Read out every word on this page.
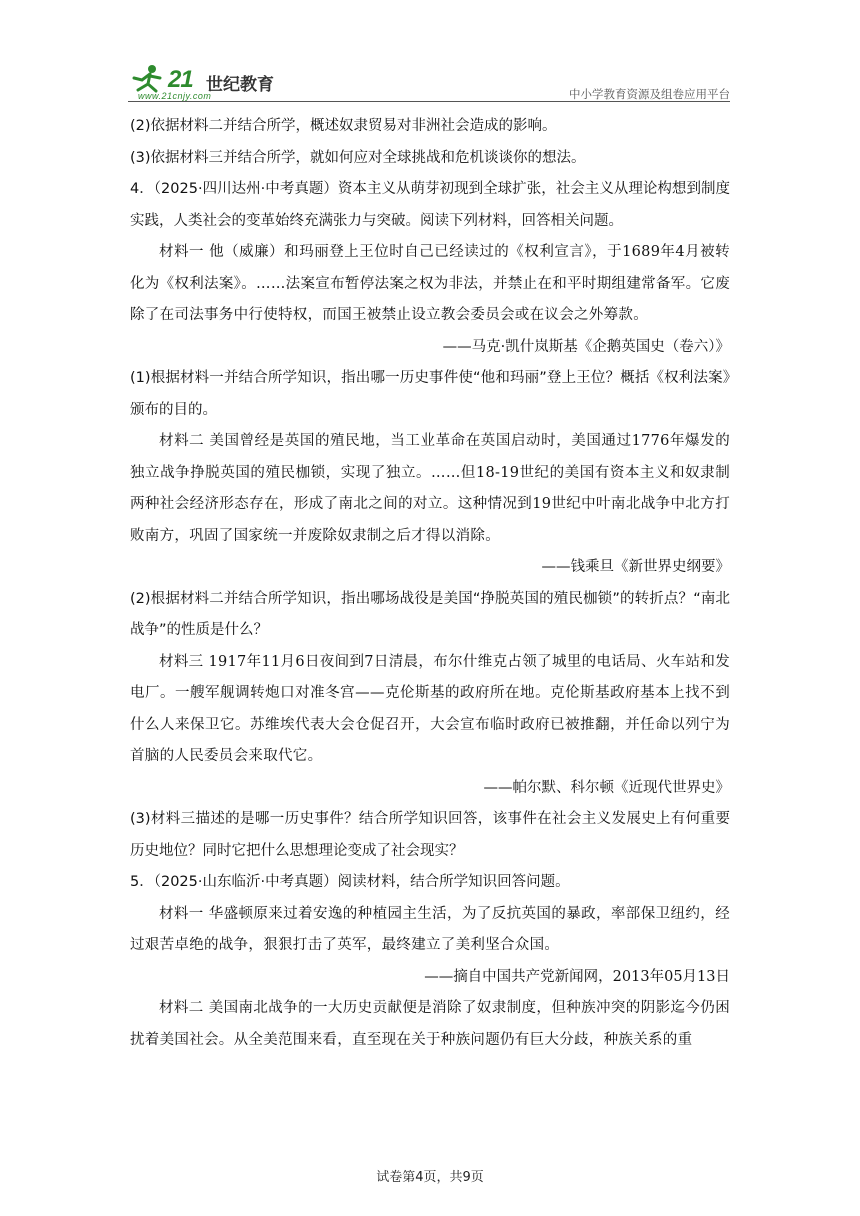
21 世纪教育
www.21cnjy.com	中小学教育资源及组卷应用平台

(2)依据材料二并结合所学，概述奴隶贸易对非洲社会造成的影响。

(3)依据材料三并结合所学，就如何应对全球挑战和危机谈谈你的想法。

4．（2025·四川达州·中考真题）资本主义从萌芽初现到全球扩张，社会主义从理论构想到制度实践，人类社会的变革始终充满张力与突破。阅读下列材料，回答相关问题。

材料一 他（威廉）和玛丽登上王位时自己已经读过的《权利宣言》，于1689年4月被转化为《权利法案》。……法案宣布暂停法案之权为非法，并禁止在和平时期组建常备军。它废除了在司法事务中行使特权，而国王被禁止设立教会委员会或在议会之外筹款。

——马克·凯什岚斯基《企鹅英国史（卷六）》

(1)根据材料一并结合所学知识，指出哪一历史事件使“他和玛丽”登上王位？概括《权利法案》颁布的目的。

材料二 美国曾经是英国的殖民地，当工业革命在英国启动时，美国通过1776年爆发的独立战争挣脱英国的殖民枷锁，实现了独立。……但18-19世纪的美国有资本主义和奴隶制两种社会经济形态存在，形成了南北之间的对立。这种情况到19世纪中叶南北战争中北方打败南方，巩固了国家统一并废除奴隶制之后才得以消除。

——钱乘旦《新世界史纲要》

(2)根据材料二并结合所学知识，指出哪场战役是美国“挣脱英国的殖民枷锁”的转折点？“南北战争”的性质是什么？

材料三 1917年11月6日夜间到7日清晨，布尔什维克占领了城里的电话局、火车站和发电厂。一艘军舰调转炮口对准冬宫——克伦斯基的政府所在地。克伦斯基政府基本上找不到什么人来保卫它。苏维埃代表大会仓促召开，大会宣布临时政府已被推翻，并任命以列宁为首脑的人民委员会来取代它。

——帕尔默、科尔顿《近现代世界史》

(3)材料三描述的是哪一历史事件？结合所学知识回答，该事件在社会主义发展史上有何重要历史地位？同时它把什么思想理论变成了社会现实？

5．（2025·山东临沂·中考真题）阅读材料，结合所学知识回答问题。

材料一 华盛顿原来过着安逸的种植园主生活，为了反抗英国的暴政，率部保卫纽约，经过艰苦卓绝的战争，狠狠打击了英军，最终建立了美利坚合众国。

——摘自中国共产党新闻网，2013年05月13日

材料二 美国南北战争的一大历史贡献便是消除了奴隶制度，但种族冲突的阴影迄今仍困扰着美国社会。从全美范围来看，直至现在关于种族问题仍有巨大分歧，种族关系的重

试卷第4页，共9页
